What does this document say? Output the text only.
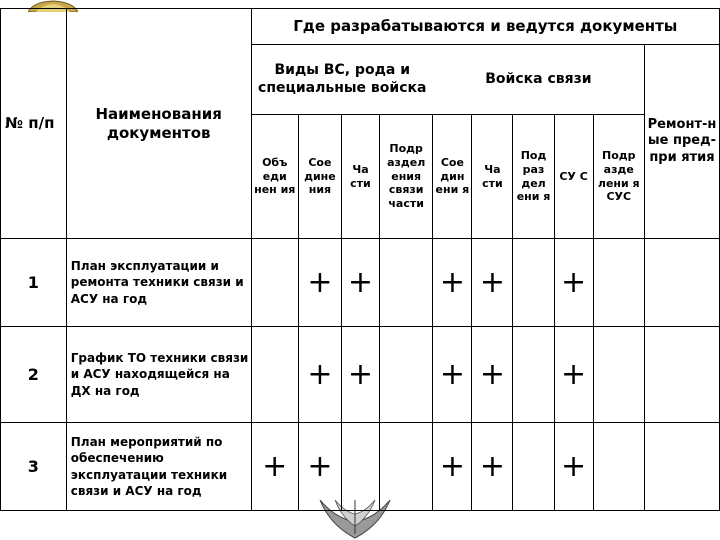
№ п/п	Наименования документов	Где разрабатываются и ведутся документы									
		Виды ВС, рода и специальные войска				Войска связи					Ремонт-н ые пред-при ятия
		Объ еди нен ия	Сое дине ния	Ча сти	Подр аздел ения связи части	Сое дин ени я	Ча сти	Под раз дел ени я	СУ С	Подр азде лени я СУС	
1	План эксплуатации и ремонта техники связи и АСУ на год		+	+		+	+		+		
2	График ТО техники связи и АСУ находящейся на ДХ на год		+	+		+	+		+		
3	План мероприятий по обеспечению эксплуатации техники связи и АСУ на год	+	+			+	+		+		
